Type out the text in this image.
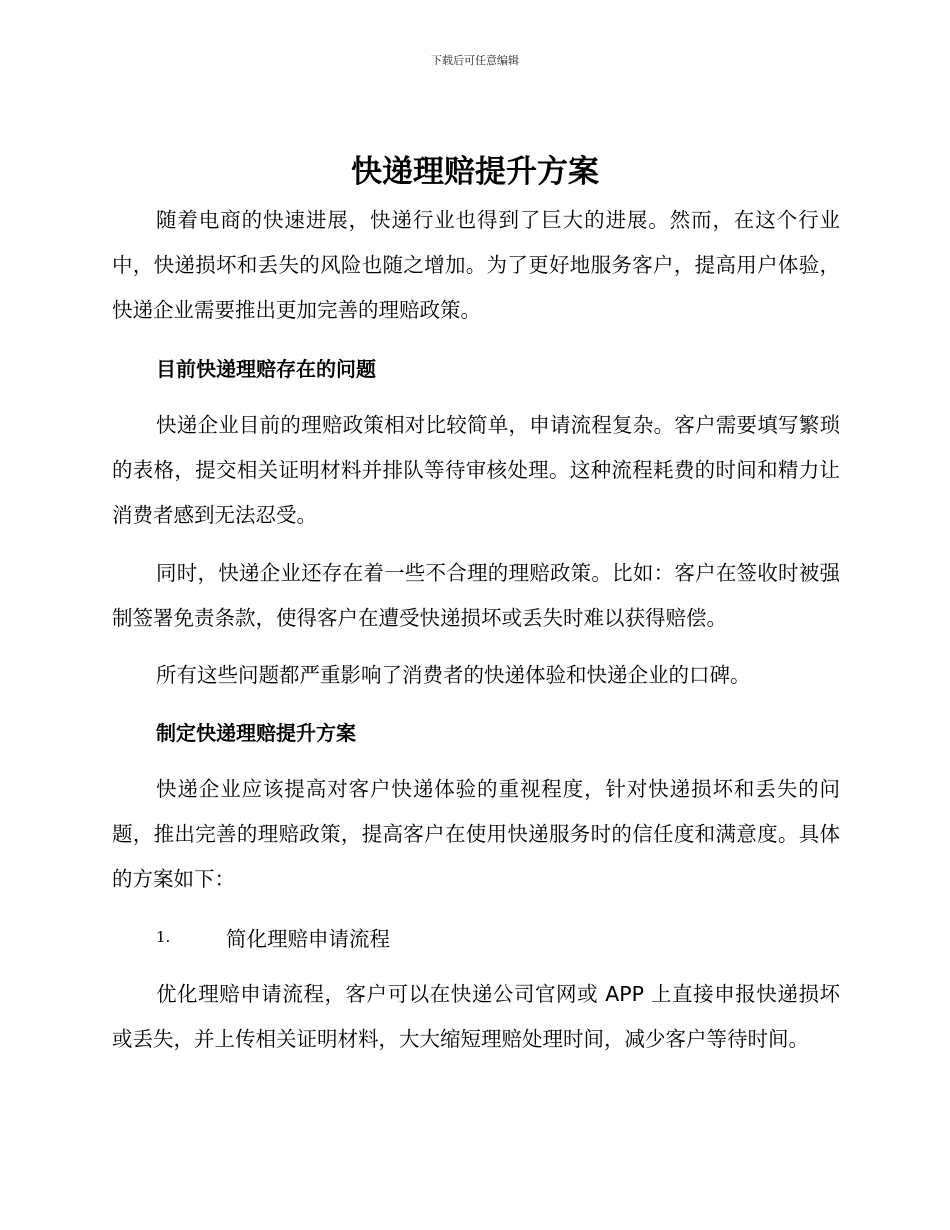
下载后可任意编辑

快递理赔提升方案

随着电商的快速进展，快递行业也得到了巨大的进展。然而，在这个行业中，快递损坏和丢失的风险也随之增加。为了更好地服务客户，提高用户体验，快递企业需要推出更加完善的理赔政策。

目前快递理赔存在的问题

快递企业目前的理赔政策相对比较简单，申请流程复杂。客户需要填写繁琐的表格，提交相关证明材料并排队等待审核处理。这种流程耗费的时间和精力让消费者感到无法忍受。

同时，快递企业还存在着一些不合理的理赔政策。比如：客户在签收时被强制签署免责条款，使得客户在遭受快递损坏或丢失时难以获得赔偿。

所有这些问题都严重影响了消费者的快递体验和快递企业的口碑。

制定快递理赔提升方案

快递企业应该提高对客户快递体验的重视程度，针对快递损坏和丢失的问题，推出完善的理赔政策，提高客户在使用快递服务时的信任度和满意度。具体的方案如下：

1.	简化理赔申请流程

优化理赔申请流程，客户可以在快递公司官网或 APP 上直接申报快递损坏或丢失，并上传相关证明材料，大大缩短理赔处理时间，减少客户等待时间。
